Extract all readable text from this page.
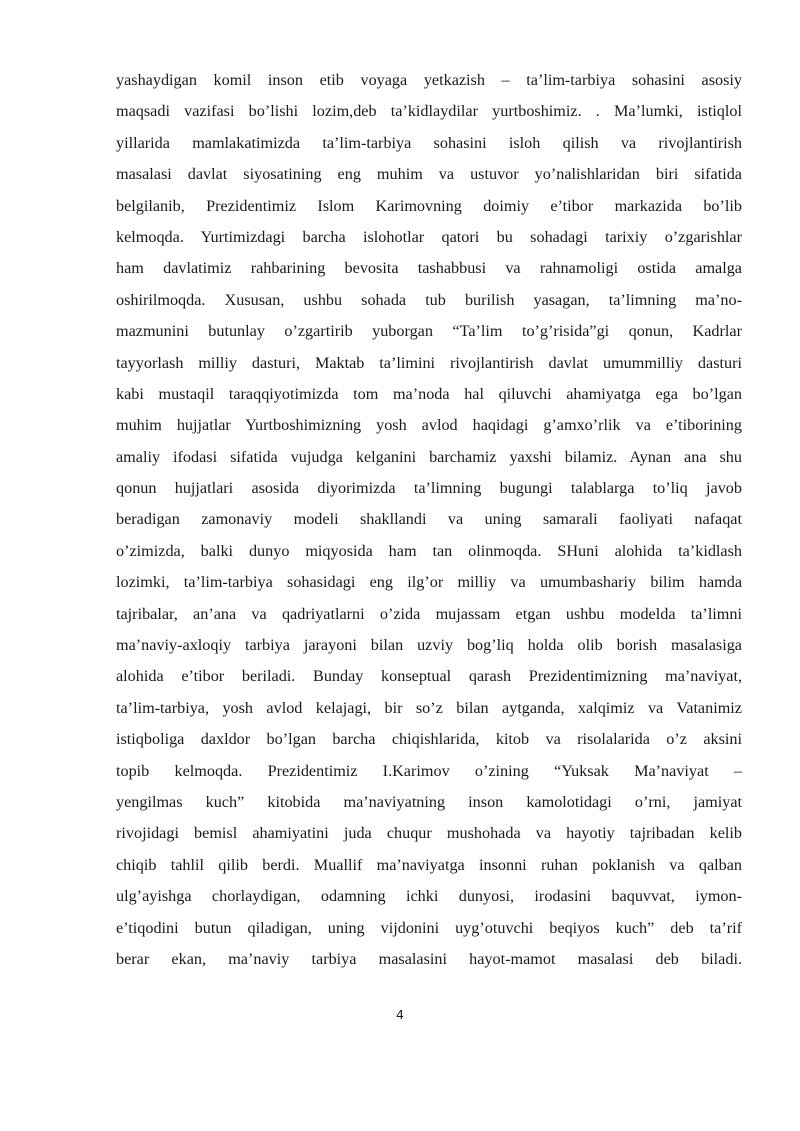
yashaydigan komil inson etib voyaga yetkazish – ta’lim-tarbiya sohasini asosiy
maqsadi vazifasi bo’lishi lozim,deb ta’kidlaydilar yurtboshimiz. . Ma’lumki, istiqlol
yillarida mamlakatimizda ta’lim-tarbiya sohasini isloh qilish va rivojlantirish
masalasi davlat siyosatining eng muhim va ustuvor yo’nalishlaridan biri sifatida
belgilanib, Prezidentimiz Islom Karimovning doimiy e’tibor markazida bo’lib
kelmoqda. Yurtimizdagi barcha islohotlar qatori bu sohadagi tarixiy o’zgarishlar
ham davlatimiz rahbarining bevosita tashabbusi va rahnamoligi ostida amalga
oshirilmoqda. Xususan, ushbu sohada tub burilish yasagan, ta’limning ma’no-
mazmunini butunlay o’zgartirib yuborgan “Ta’lim to’g’risida”gi qonun, Kadrlar
tayyorlash milliy dasturi, Maktab ta’limini rivojlantirish davlat umummilliy dasturi
kabi mustaqil taraqqiyotimizda tom ma’noda hal qiluvchi ahamiyatga ega bo’lgan
muhim hujjatlar Yurtboshimizning yosh avlod haqidagi g’amxo’rlik va e’tiborining
amaliy ifodasi sifatida vujudga kelganini barchamiz yaxshi bilamiz. Aynan ana shu
qonun hujjatlari asosida diyorimizda ta’limning bugungi talablarga to’liq javob
beradigan zamonaviy modeli shakllandi va uning samarali faoliyati nafaqat
o’zimizda, balki dunyo miqyosida ham tan olinmoqda. SHuni alohida ta’kidlash
lozimki, ta’lim-tarbiya sohasidagi eng ilg’or milliy va umumbashariy bilim hamda
tajribalar, an’ana va qadriyatlarni o’zida mujassam etgan ushbu modelda ta’limni
ma’naviy-axloqiy tarbiya jarayoni bilan uzviy bog’liq holda olib borish masalasiga
alohida e’tibor beriladi. Bunday konseptual qarash Prezidentimizning ma’naviyat,
ta’lim-tarbiya, yosh avlod kelajagi, bir so’z bilan aytganda, xalqimiz va Vatanimiz
istiqboliga daxldor bo’lgan barcha chiqishlarida, kitob va risolalarida o’z aksini
topib kelmoqda. Prezidentimiz I.Karimov o’zining “Yuksak Ma’naviyat –
yengilmas kuch” kitobida ma’naviyatning inson kamolotidagi o’rni, jamiyat
rivojidagi bemisl ahamiyatini juda chuqur mushohada va hayotiy tajribadan kelib
chiqib tahlil qilib berdi. Muallif ma’naviyatga insonni ruhan poklanish va qalban
ulg’ayishga chorlaydigan, odamning ichki dunyosi, irodasini baquvvat, iymon-
e’tiqodini butun qiladigan, uning vijdonini uyg’otuvchi beqiyos kuch” deb ta’rif
berar ekan, ma’naviy tarbiya masalasini hayot-mamot masalasi deb biladi.
4
